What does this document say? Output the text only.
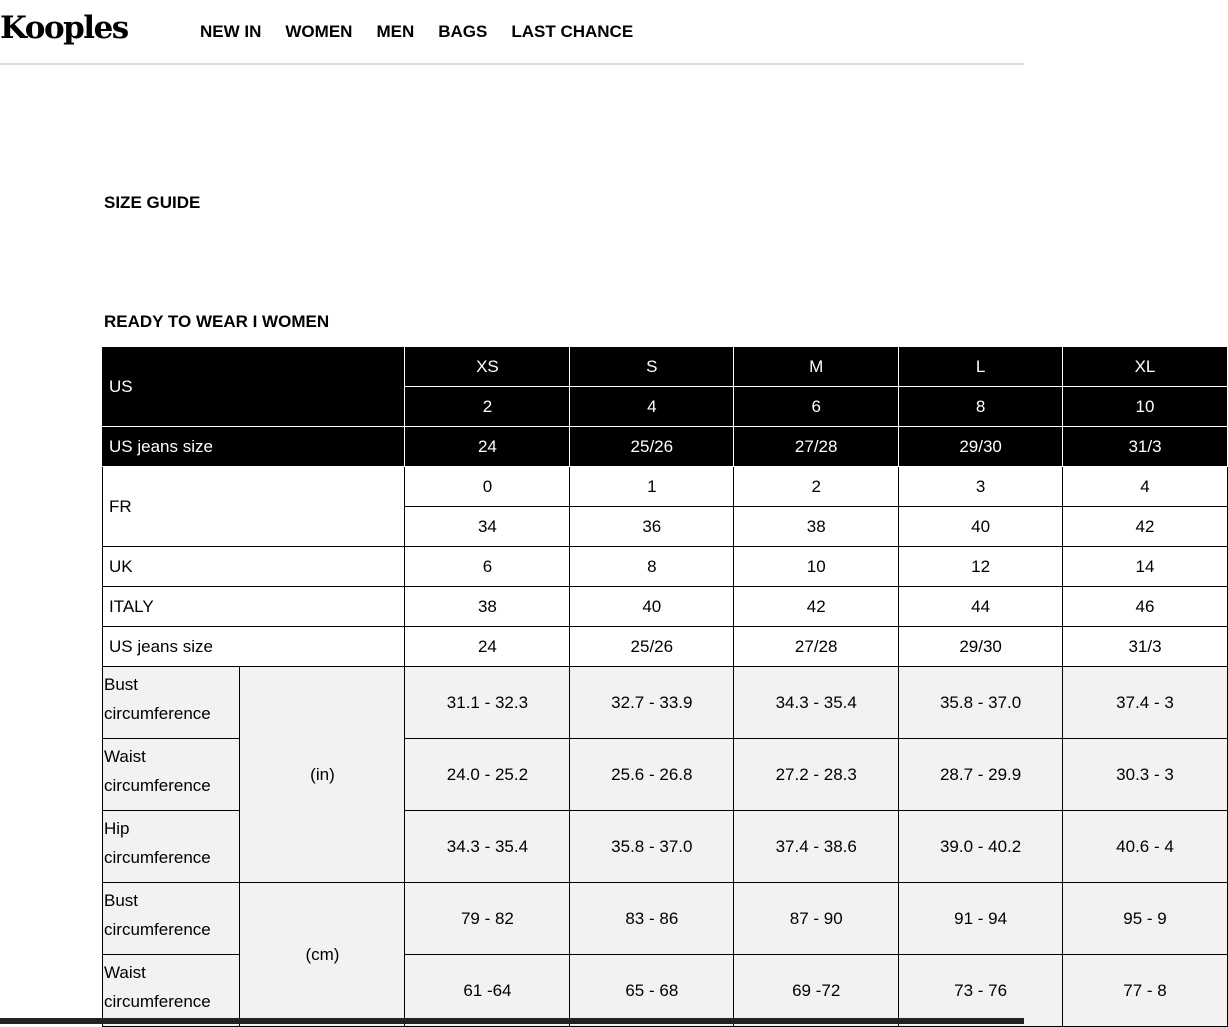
Kooples	NEW IN WOMEN MEN BAGS LAST CHANCE
SIZE GUIDE
READY TO WEAR I WOMEN
US		XS	S	M	L	XL
		2	4	6	8	10
US jeans size		24	25/26	27/28	29/30	31/3
FR		0	1	2	3	4
		34	36	38	40	42
UK		6	8	10	12	14
ITALY		38	40	42	44	46
US jeans size		24	25/26	27/28	29/30	31/3
Bust circumference	(in)	31.1 - 32.3	32.7 - 33.9	34.3 - 35.4	35.8 - 37.0	37.4 - 3
Waist circumference		24.0 - 25.2	25.6 - 26.8	27.2 - 28.3	28.7 - 29.9	30.3 - 3
Hip circumference		34.3 - 35.4	35.8 - 37.0	37.4 - 38.6	39.0 - 40.2	40.6 - 4
Bust circumference	(cm)	79 - 82	83 - 86	87 - 90	91 - 94	95 - 9
Waist circumference		61 -64	65 - 68	69 -72	73 - 76	77 - 8
